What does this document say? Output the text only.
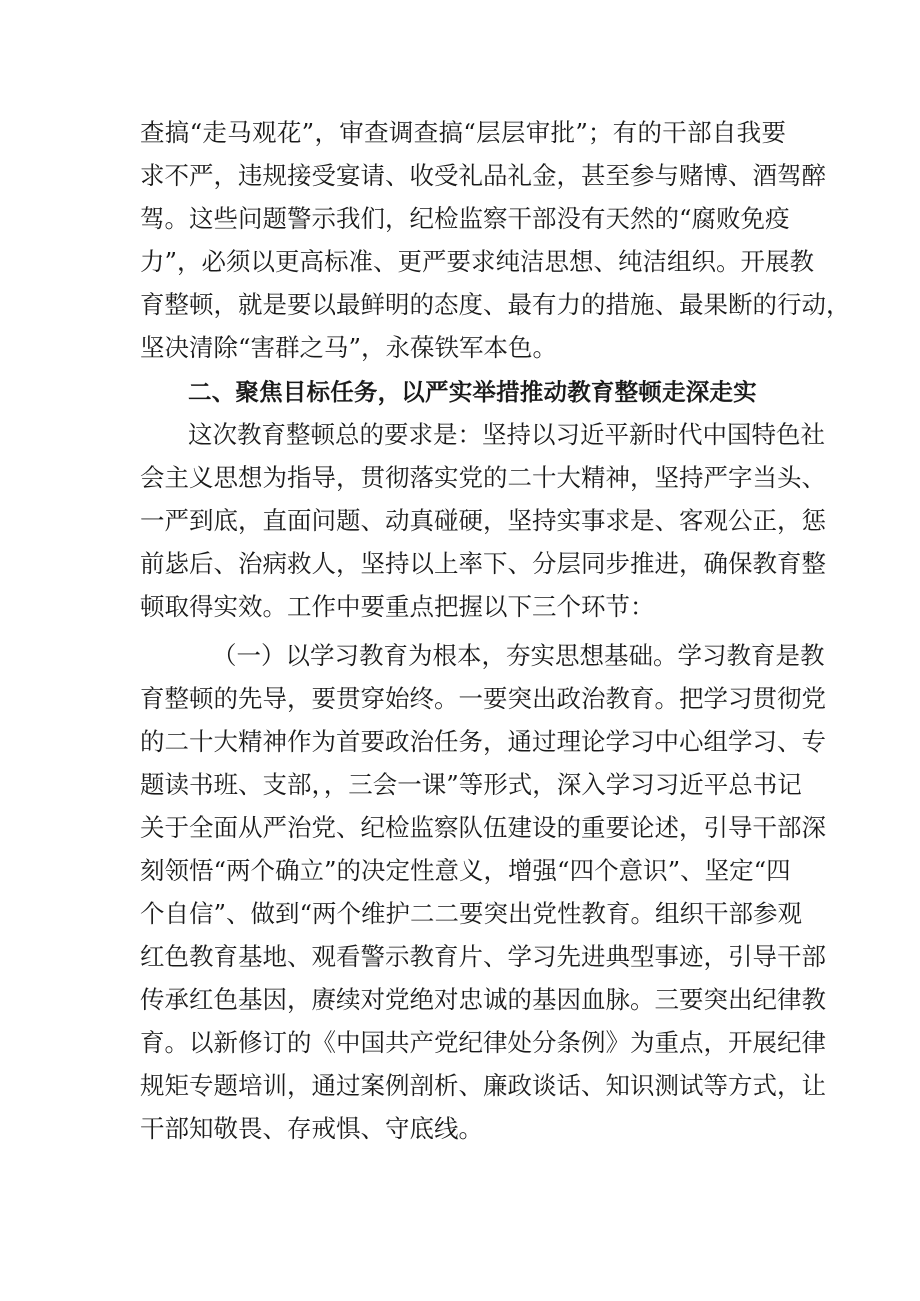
查搞“走马观花”，审查调查搞“层层审批”；有的干部自我要
求不严，违规接受宴请、收受礼品礼金，甚至参与赌博、酒驾醉
驾。这些问题警示我们，纪检监察干部没有天然的“腐败免疫
力”，必须以更高标准、更严要求纯洁思想、纯洁组织。开展教
育整顿，就是要以最鲜明的态度、最有力的措施、最果断的行动，
坚决清除“害群之马”，永葆铁军本色。
二、聚焦目标任务，以严实举措推动教育整顿走深走实
这次教育整顿总的要求是：坚持以习近平新时代中国特色社
会主义思想为指导，贯彻落实党的二十大精神，坚持严字当头、
一严到底，直面问题、动真碰硬，坚持实事求是、客观公正，惩
前毖后、治病救人，坚持以上率下、分层同步推进，确保教育整
顿取得实效。工作中要重点把握以下三个环节：
（一）以学习教育为根本，夯实思想基础。学习教育是教
育整顿的先导，要贯穿始终。一要突出政治教育。把学习贯彻党
的二十大精神作为首要政治任务，通过理论学习中心组学习、专
题读书班、支部，，三会一课”等形式，深入学习习近平总书记
关于全面从严治党、纪检监察队伍建设的重要论述，引导干部深
刻领悟“两个确立”的决定性意义，增强“四个意识”、坚定“四
个自信”、做到“两个维护二二要突出党性教育。组织干部参观
红色教育基地、观看警示教育片、学习先进典型事迹，引导干部
传承红色基因，赓续对党绝对忠诚的基因血脉。三要突出纪律教
育。以新修订的《中国共产党纪律处分条例》为重点，开展纪律
规矩专题培训，通过案例剖析、廉政谈话、知识测试等方式，让
干部知敬畏、存戒惧、守底线。
